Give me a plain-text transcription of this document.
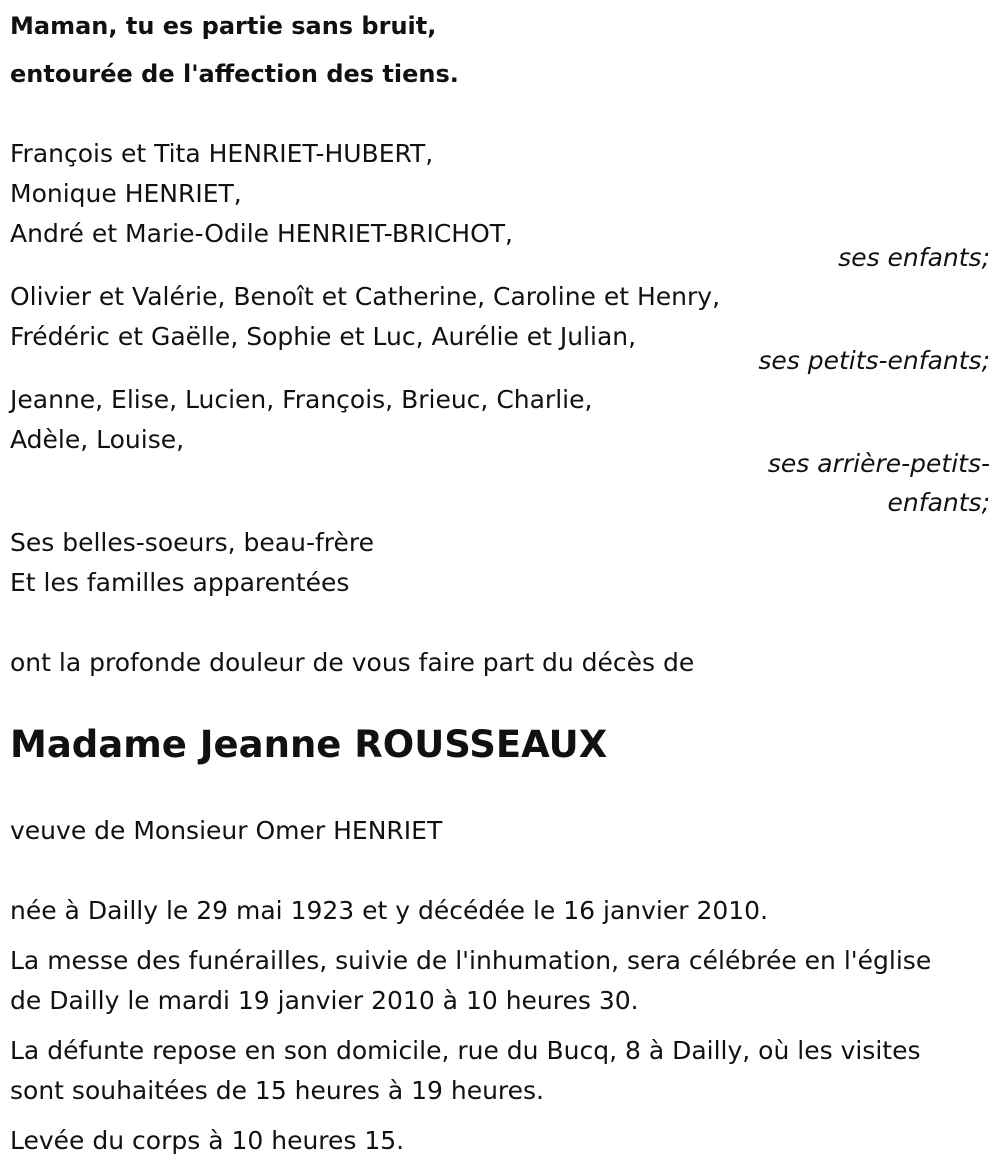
Maman, tu es partie sans bruit,
entourée de l'affection des tiens.
François et Tita HENRIET-HUBERT,
Monique HENRIET,
André et Marie-Odile HENRIET-BRICHOT,
ses enfants;
Olivier et Valérie, Benoît et Catherine, Caroline et Henry,
Frédéric et Gaëlle, Sophie et Luc, Aurélie et Julian,
ses petits-enfants;
Jeanne, Elise, Lucien, François, Brieuc, Charlie,
Adèle, Louise,
ses arrière-petits-
enfants;
Ses belles-soeurs, beau-frère
Et les familles apparentées
ont la profonde douleur de vous faire part du décès de
Madame Jeanne ROUSSEAUX
veuve de Monsieur Omer HENRIET
née à Dailly le 29 mai 1923 et y décédée le 16 janvier 2010.
La messe des funérailles, suivie de l'inhumation, sera célébrée en l'église
de Dailly le mardi 19 janvier 2010 à 10 heures 30.
La défunte repose en son domicile, rue du Bucq, 8 à Dailly, où les visites
sont souhaitées de 15 heures à 19 heures.
Levée du corps à 10 heures 15.
